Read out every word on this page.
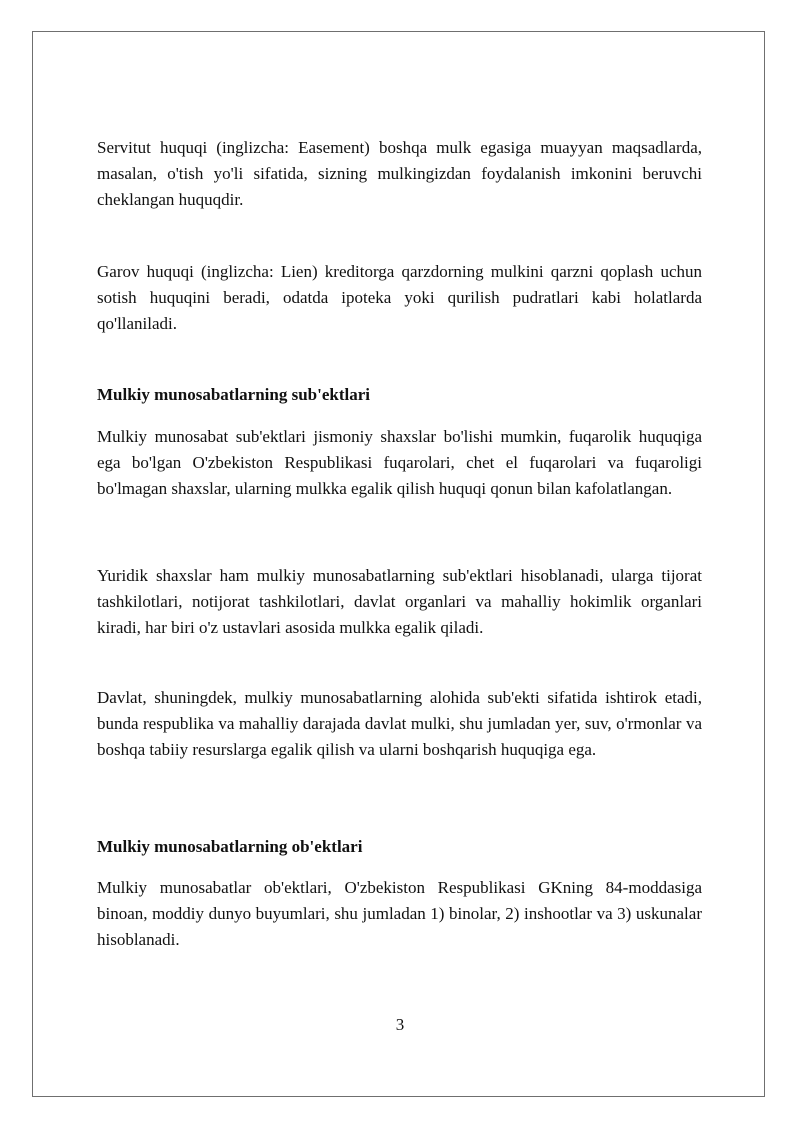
Servitut huquqi (inglizcha: Easement) boshqa mulk egasiga muayyan maqsadlarda, masalan, o'tish yo'li sifatida, sizning mulkingizdan foydalanish imkonini beruvchi cheklangan huquqdir.

Garov huquqi (inglizcha: Lien) kreditorga qarzdorning mulkini qarzni qoplash uchun sotish huquqini beradi, odatda ipoteka yoki qurilish pudratlari kabi holatlarda qo'llaniladi.

Mulkiy munosabatlarning sub'ektlari

Mulkiy munosabat sub'ektlari jismoniy shaxslar bo'lishi mumkin, fuqarolik huquqiga ega bo'lgan O'zbekiston Respublikasi fuqarolari, chet el fuqarolari va fuqaroligi bo'lmagan shaxslar, ularning mulkka egalik qilish huquqi qonun bilan kafolatlangan.

Yuridik shaxslar ham mulkiy munosabatlarning sub'ektlari hisoblanadi, ularga tijorat tashkilotlari, notijorat tashkilotlari, davlat organlari va mahalliy hokimlik organlari kiradi, har biri o'z ustavlari asosida mulkka egalik qiladi.

Davlat, shuningdek, mulkiy munosabatlarning alohida sub'ekti sifatida ishtirok etadi, bunda respublika va mahalliy darajada davlat mulki, shu jumladan yer, suv, o'rmonlar va boshqa tabiiy resurslarga egalik qilish va ularni boshqarish huquqiga ega.

Mulkiy munosabatlarning ob'ektlari

Mulkiy munosabatlar ob'ektlari, O'zbekiston Respublikasi GKning 84-moddasiga binoan, moddiy dunyo buyumlari, shu jumladan 1) binolar, 2) inshootlar va 3) uskunalar hisoblanadi.

3
